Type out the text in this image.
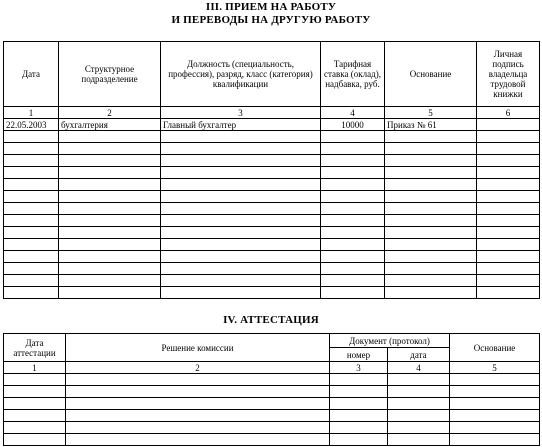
III. ПРИЕМ НА РАБОТУ
И ПЕРЕВОДЫ НА ДРУГУЮ РАБОТУ
Дата	Структурное подразделение	Должность (специальность, профессия), разряд, класс (категория) квалификации	Тарифная ставка (оклад), надбавка, руб.	Основание	Личная подпись владельца трудовой книжки
1	2	3	4	5	6
22.05.2003	бухгалтерия	Главный бухгалтер	10000	Приказ № 61	

IV. АТТЕСТАЦИЯ
Дата аттестации	Решение комиссии	Документ (протокол)		Основание
		номер	дата	
1	2	3	4	5
